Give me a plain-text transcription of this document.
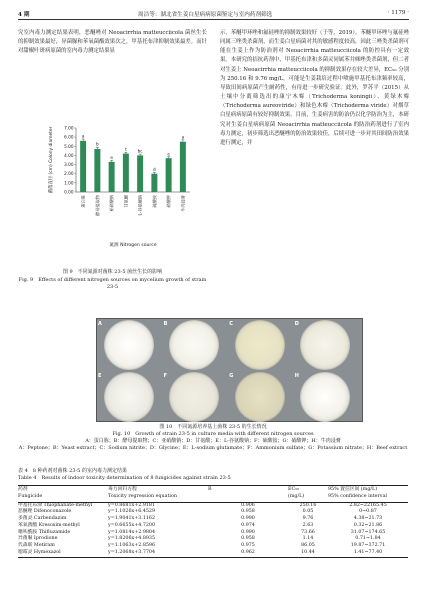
4 期	周洁等：湖北省生姜白星病病原菌鉴定与室内药剂筛选	· 1179 ·

究室内毒力测定结果表明，恶醚唑对 Neoacirrhia matteucciicola 菌丝生长的抑制效果最好，异菌脲和苯氧菌酯效果次之，甲基托布津抑制效果最差。而针对甜椒叶斑病原菌的室内毒力测定结果显

示，苯醚甲环唑和氟硅唑的抑制效果较好（于等，2019）。苯醚甲环唑与氟硅唑同属三唑类杀菌剂，而生姜白星病菌对其的敏感程度较高，因此三唑类杀菌剂可能在生姜上作为防治剂对 Neoacirrhia matteucciicola 的防控具有一定效果。本研究的拮抗药剂中，甲基托布津和多菌灵同属苯并咪唑类杀菌剂，但二者对生姜上 Neoacirrhia matteucciicola 的抑制效果存在较大差异，EC₅₀ 分别为 250.16 和 9.76 mg/L，可能是生姜栽培过程中喷施甲基托布津频率较高，导致田间病原菌产生耐药性，有待进一步研究验证。此外，罗苏平（2015）从土壤中分离筛选出的康宁木霉（Trichoderma koningii）、黄绿木霉（Trichoderma aureoviride）和绿色木霉（Trichoderma viride）对烟草白星病病原菌有较好抑制效果。目前，生姜病害的防治仍以化学防治为主，本研究对生姜白星病病原菌 Neoacirrhia matteucciicola 的防治药剂进行了室内毒力测定，初步筛选出恶醚唑的防治效果较佳，后续可进一步对其田间防治效果进行测定，并

0.00
1.00
2.00
3.00
4.00
5.00
6.00
7.00
菌落直径 (cm) Colony diameter	a
蛋白胨
b
酵母提取物
e
亚硝酸钠
c
甘氨酸
bc
L-谷氨酸钠
d
硫酸铵
e
硝酸钾
a
牛肉浸膏
氮源 Nitrogen source
图 9　不同氮源对菌株 23-5 菌丝生长的影响
Fig. 9　Effects of different nitrogen sources on mycelium growth of strain 23-5
A	B	C	D
E	F	G	H
图 10　不同氮源培养基上菌株 23-5 的生长情况
Fig. 10　Growth of strain 23-5 in culture media with different nitrogen sources
A：蛋白胨；B：酵母提取物；C：亚硝酸钠；D：甘氨酸；E：L-谷氨酸钠；F：硫酸铵；G：硝酸钾；H：牛肉浸膏
A：Peptone；B：Yeast extract；C：Sodium nitrite；D：Glycine；E：L-sodium glutamate；F：Ammonium sulfate；G：Potassium nitrate；H：Beef extract
表 4　8 种药剂对菌株 23-5 的室内毒力测定结果
Table 4　Results of indoor toxicity determination of 8 fungicides against strain 23-5
药剂	毒力回归方程	R	EC₅₀	95% 置信区间 (mg/L)
Fungicide	Toxicity regression equation		(mg/L)	95% confidence interval
甲基托布津 Thiophanate-methyl	y=0.8681x+2.9181	0.906	250.16	2.82~22165.45
恶醚唑 Difenoconazole	y=1.1026x+6.4529	0.958	0.05	0~0.87
多菌灵 Carbendazim	y=1.9041x+3.1162	0.990	9.76	4.38~21.73
苯氧菌酯 Kresoxim-methyl	y=0.6655x+4.7200	0.974	2.63	0.32~21.86
噻呋酰胺 Thifluzamide	y=1.0814x+2.9804	0.990	73.66	31.07~174.65
异菌脲 Iprodione	y=1.8206x+4.8935	0.958	1.14	0.71~1.84
代森联 Metiram	y=1.1063x+2.8596	0.975	86.05	19.87~372.71
噁霉灵 Hymexazol	y=1.2068x+3.7704	0.962	10.44	1.41~77.40
